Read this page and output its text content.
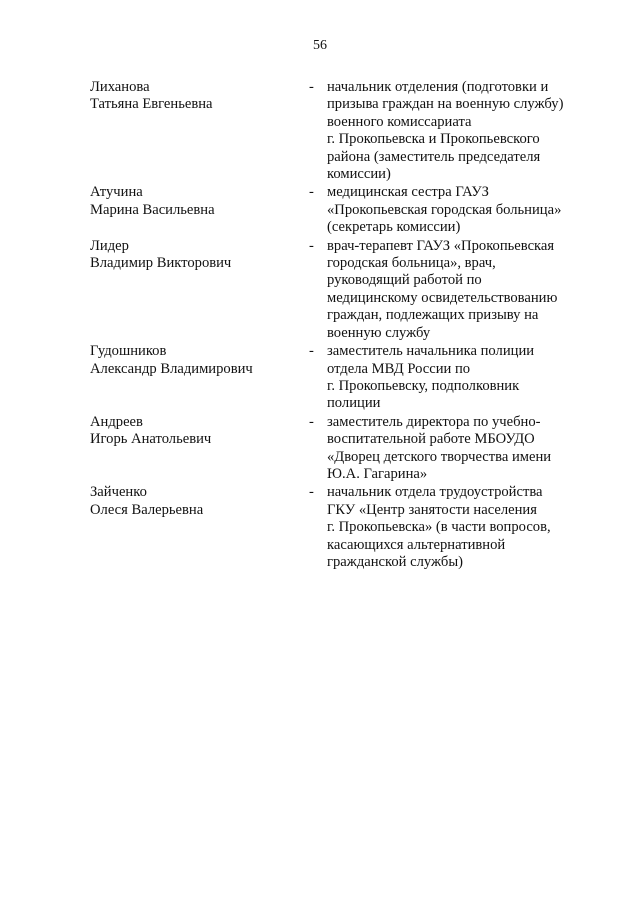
56
Лиханова
Татьяна Евгеньевна
- начальник отделения (подготовки и
призыва граждан на военную службу)
военного комиссариата
г. Прокопьевска и Прокопьевского
района (заместитель председателя
комиссии)
Атучина
Марина Васильевна
- медицинская сестра ГАУЗ
«Прокопьевская городская больница»
(секретарь комиссии)
Лидер
Владимир Викторович
- врач-терапевт ГАУЗ «Прокопьевская
городская больница», врач,
руководящий работой по
медицинскому освидетельствованию
граждан, подлежащих призыву на
военную службу
Гудошников
Александр Владимирович
- заместитель начальника полиции
отдела МВД России по
г. Прокопьевску, подполковник
полиции
Андреев
Игорь Анатольевич
- заместитель директора по учебно-
воспитательной работе МБОУДО
«Дворец детского творчества имени
Ю.А. Гагарина»
Зайченко
Олеся Валерьевна
- начальник отдела трудоустройства
ГКУ «Центр занятости населения
г. Прокопьевска» (в части вопросов,
касающихся альтернативной
гражданской службы)
